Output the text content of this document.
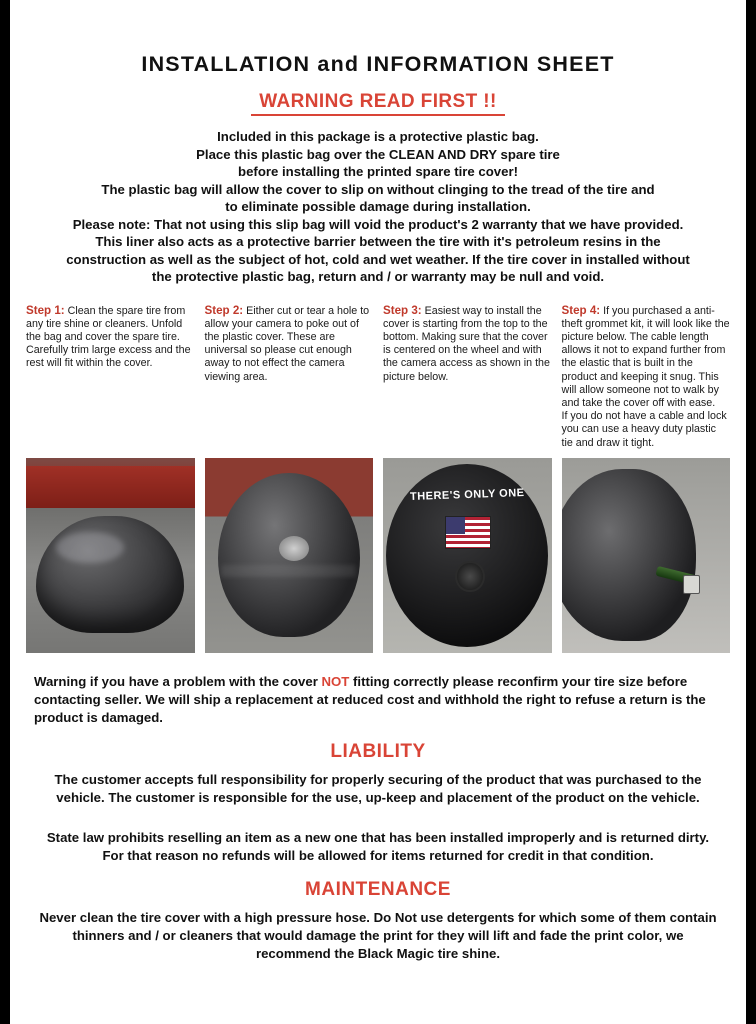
INSTALLATION and INFORMATION SHEET
WARNING READ FIRST !!

Included in this package is a protective plastic bag.

Place this plastic bag over the CLEAN AND DRY spare tire

before installing the printed spare tire cover!

The plastic bag will allow the cover to slip on without clinging to the tread of the tire and

to eliminate possible damage during installation.

Please note: That not using this slip bag will void the product's 2 warranty that we have provided.

This liner also acts as a protective barrier between the tire with it's petroleum resins in the

construction as well as the subject of hot, cold and wet weather. If the tire cover in installed without

the protective plastic bag, return and / or warranty may be null and void.

Step 1: Clean the spare tire from any tire shine or cleaners. Unfold the bag and cover the spare tire.
Carefully trim large excess and the rest will fit within the cover.
Step 2: Either cut or tear a hole to allow your camera to poke out of the plastic cover. These are universal so please cut enough away to not effect the camera viewing area.
Step 3: Easiest way to install the cover is starting from the top to the bottom. Making sure that the cover is centered on the wheel and with the camera access as shown in the picture below.
Step 4: If you purchased a anti-theft grommet kit, it will look like the picture below. The cable length allows it not to expand further from the elastic that is built in the product and keeping it snug. This will allow someone not to walk by and take the cover off with ease.
If you do not have a cable and lock you can use a heavy duty plastic tie and draw it tight.
THERE'S ONLY ONE
Warning if you have a problem with the cover NOT fitting correctly please reconfirm your tire size before contacting seller. We will ship a replacement at reduced cost and withhold the right to refuse a return is the product is damaged.
LIABILITY
The customer accepts full responsibility for properly securing of the product that was purchased to the vehicle. The customer is responsible for the use, up-keep and placement of the product on the vehicle.
State law prohibits reselling an item as a new one that has been installed improperly and is returned dirty. For that reason no refunds will be allowed for items returned for credit in that condition.
MAINTENANCE
Never clean the tire cover with a high pressure hose. Do Not use detergents for which some of them contain thinners and / or cleaners that would damage the print for they will lift and fade the print color, we recommend the Black Magic tire shine.
